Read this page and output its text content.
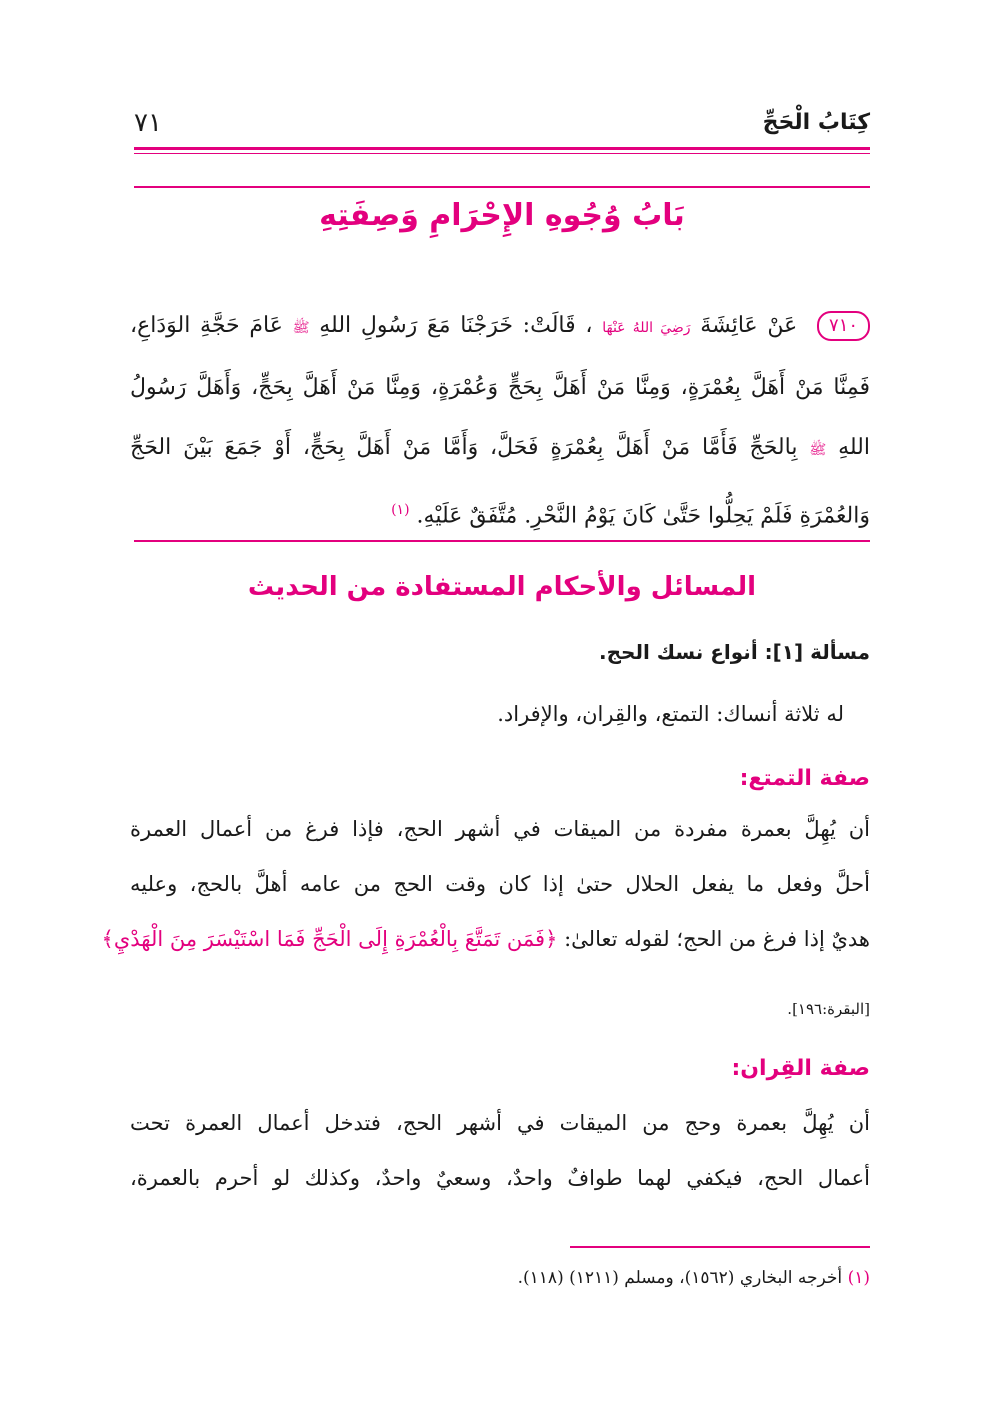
كِتَابُ الْحَجِّ
٧١
بَابُ وُجُوهِ الإِحْرَامِ وَصِفَتِهِ
٧١٠ عَنْ عَائِشَةَ رَضِيَ اللهُ عَنْهَا ، قَالَتْ: خَرَجْنَا مَعَ رَسُولِ اللهِ ﷺ عَامَ حَجَّةِ الوَدَاعِ،
فَمِنَّا مَنْ أَهَلَّ بِعُمْرَةٍ، وَمِنَّا مَنْ أَهَلَّ بِحَجٍّ وَعُمْرَةٍ، وَمِنَّا مَنْ أَهَلَّ بِحَجٍّ، وَأَهَلَّ رَسُولُ
اللهِ ﷺ بِالحَجِّ فَأَمَّا مَنْ أَهَلَّ بِعُمْرَةٍ فَحَلَّ، وَأَمَّا مَنْ أَهَلَّ بِحَجٍّ، أَوْ جَمَعَ بَيْنَ الحَجِّ
وَالعُمْرَةِ فَلَمْ يَحِلُّوا حَتَّىٰ كَانَ يَوْمُ النَّحْرِ. مُتَّفَقٌ عَلَيْهِ. $^{(١)}$
المسائل والأحكام المستفادة من الحديث
مسألة [١]: أنواع نسك الحج.
له ثلاثة أنساك: التمتع، والقِران، والإفراد.
صفة التمتع:
أن يُهِلَّ بعمرة مفردة من الميقات في أشهر الحج، فإذا فرغ من أعمال العمرة
أحلَّ وفعل ما يفعل الحلال حتىٰ إذا كان وقت الحج من عامه أهلَّ بالحج، وعليه
هديٌ إذا فرغ من الحج؛ لقوله تعالىٰ: ﴿فَمَن تَمَتَّعَ بِالْعُمْرَةِ إِلَى الْحَجِّ فَمَا اسْتَيْسَرَ مِنَ الْهَدْيِ﴾
[البقرة:١٩٦].
صفة القِران:
أن يُهِلَّ بعمرة وحج من الميقات في أشهر الحج، فتدخل أعمال العمرة تحت
أعمال الحج، فيكفي لهما طوافٌ واحدٌ، وسعيٌ واحدٌ، وكذلك لو أحرم بالعمرة،
(١) أخرجه البخاري (١٥٦٢)، ومسلم (١٢١١) (١١٨).
